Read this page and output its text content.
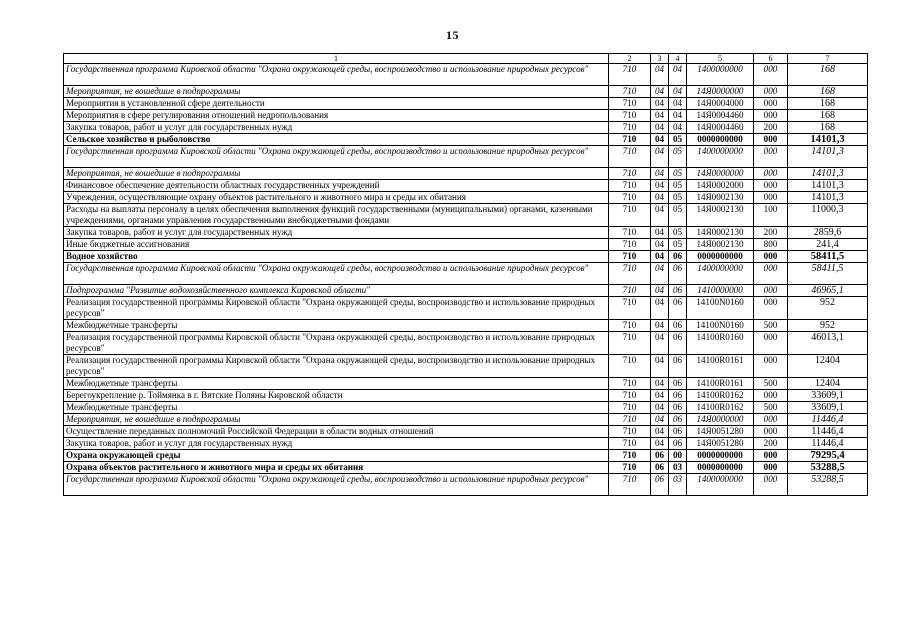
15
1	2	3	4	5	6	7
Государственная программа Кировской области "Охрана окружающей среды, воспроизводство и использование природных ресурсов"	710	04	04	1400000000	000	168
Мероприятия, не вошедшие в подпрограммы	710	04	04	14Я0000000	000	168
Мероприятия в установленной сфере деятельности	710	04	04	14Я0004000	000	168
Мероприятия в сфере регулирования отношений недропользования	710	04	04	14Я0004460	000	168
Закупка товаров, работ и услуг для государственных нужд	710	04	04	14Я0004460	200	168
Сельское хозяйство и рыболовство	710	04	05	0000000000	000	14101,3
Государственная программа Кировской области "Охрана окружающей среды, воспроизводство и использование природных ресурсов"	710	04	05	1400000000	000	14101,3
Мероприятия, не вошедшие в подпрограммы	710	04	05	14Я0000000	000	14101,3
Финансовое обеспечение деятельности областных государственных учреждений	710	04	05	14Я0002000	000	14101,3
Учреждения, осуществляющие охрану объектов растительного и животного мира и среды их обитания	710	04	05	14Я0002130	000	14101,3
Расходы на выплаты персоналу в целях обеспечения выполнения функций государственными (муниципальными) органами, казенными учреждениями, органами управления государственными внебюджетными фондами	710	04	05	14Я0002130	100	11000,3
Закупка товаров, работ и услуг для государственных нужд	710	04	05	14Я0002130	200	2859,6
Иные бюджетные ассигнования	710	04	05	14Я0002130	800	241,4
Водное хозяйство	710	04	06	0000000000	000	58411,5
Государственная программа Кировской области "Охрана окружающей среды, воспроизводство и использование природных ресурсов"	710	04	06	1400000000	000	58411,5
Подпрограмма "Развитие водохозяйственного комплекса Кировской области"	710	04	06	1410000000	000	46965,1
Реализация государственной программы Кировской области "Охрана окружающей среды, воспроизводство и использование природных ресурсов"	710	04	06	14100N0160	000	952
Межбюджетные трансферты	710	04	06	14100N0160	500	952
Реализация государственной программы Кировской области "Охрана окружающей среды, воспроизводство и использование природных ресурсов"	710	04	06	14100R0160	000	46013,1
Реализация государственной программы Кировской области "Охрана окружающей среды, воспроизводство и использование природных ресурсов"	710	04	06	14100R0161	000	12404
Межбюджетные трансферты	710	04	06	14100R0161	500	12404
Берегоукрепление р. Тоймянка в г. Вятские Поляны Кировской области	710	04	06	14100R0162	000	33609,1
Межбюджетные трансферты	710	04	06	14100R0162	500	33609,1
Мероприятия, не вошедшие в подпрограммы	710	04	06	14Я0000000	000	11446,4
Осуществление переданных полномочий Российской Федерации в области водных отношений	710	04	06	14Я0051280	000	11446,4
Закупка товаров, работ и услуг для государственных нужд	710	04	06	14Я0051280	200	11446,4
Охрана окружающей среды	710	06	00	0000000000	000	79295,4
Охрана объектов растительного и животного мира и среды их обитания	710	06	03	0000000000	000	53288,5
Государственная программа Кировской области "Охрана окружающей среды, воспроизводство и использование природных ресурсов"	710	06	03	1400000000	000	53288,5
